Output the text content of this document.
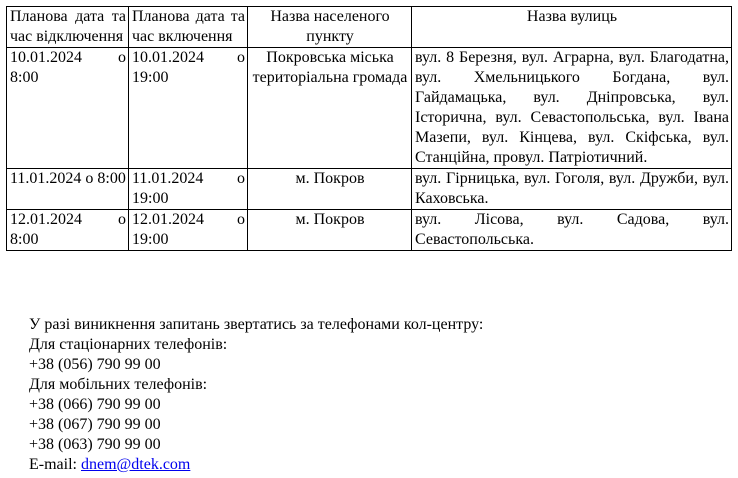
Планова дата та час відключення	Планова дата та час включення	Назва населеного пункту	Назва вулиць
10.01.2024 о 8:00	10.01.2024 о 19:00	Покровська міська територіальна громада	вул. 8 Березня, вул. Аграрна, вул. Благодатна, вул. Хмельницького Богдана, вул. Гайдамацька, вул. Дніпровська, вул. Історична, вул. Севастопольська, вул. Івана Мазепи, вул. Кінцева, вул. Скіфська, вул. Станційна, провул. Патріотичний.
11.01.2024 о 8:00	11.01.2024 о 19:00	м. Покров	вул. Гірницька, вул. Гоголя, вул. Дружби, вул. Каховська.
12.01.2024 о 8:00	12.01.2024 о 19:00	м. Покров	вул. Лісова, вул. Садова, вул. Севастопольська.
У разі виникнення запитань звертатись за телефонами кол-центру:
Для стаціонарних телефонів:
+38 (056) 790 99 00
Для мобільних телефонів:
+38 (066) 790 99 00
+38 (067) 790 99 00
+38 (063) 790 99 00
E-mail: dnem@dtek.com
